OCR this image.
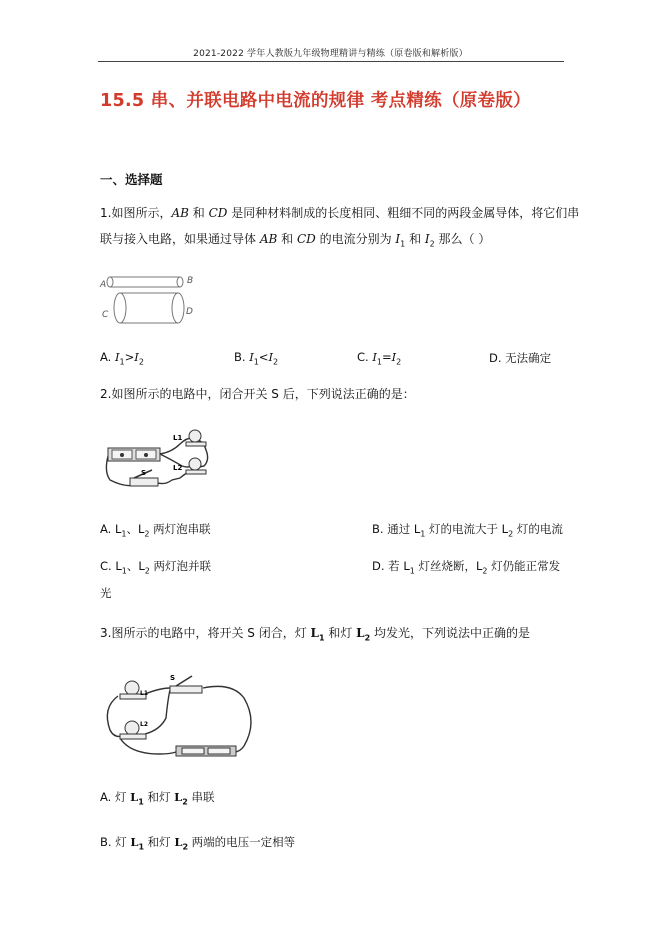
2021-2022 学年人教版九年级物理精讲与精练（原卷版和解析版）
15.5 串、并联电路中电流的规律 考点精练（原卷版）
一、选择题
1.如图所示，AB 和 CD 是同种材料制成的长度相同、粗细不同的两段金属导体，将它们串
联与接入电路，如果通过导体 AB 和 CD 的电流分别为 $I_1$ 和 $I_2$ 那么（ ）
A	B
C	D
A. $I_1>I_2$	B. $I_1<I_2$	C. $I_1=I_2$	D. 无法确定
2.如图所示的电路中，闭合开关 S 后，下列说法正确的是：
L1
L2
S
A. $L_1$、$L_2$ 两灯泡串联	B. 通过 $L_1$ 灯的电流大于 $L_2$ 灯的电流
C. $L_1$、$L_2$ 两灯泡并联	D. 若 $L_1$ 灯丝烧断，$L_2$ 灯仍能正常发
光
3.图所示的电路中，将开关 S 闭合，灯 $L_1$ 和灯 $L_2$ 均发光，下列说法中正确的是
S
L1
L2
A. 灯 $L_1$ 和灯 $L_2$ 串联
B. 灯 $L_1$ 和灯 $L_2$ 两端的电压一定相等
